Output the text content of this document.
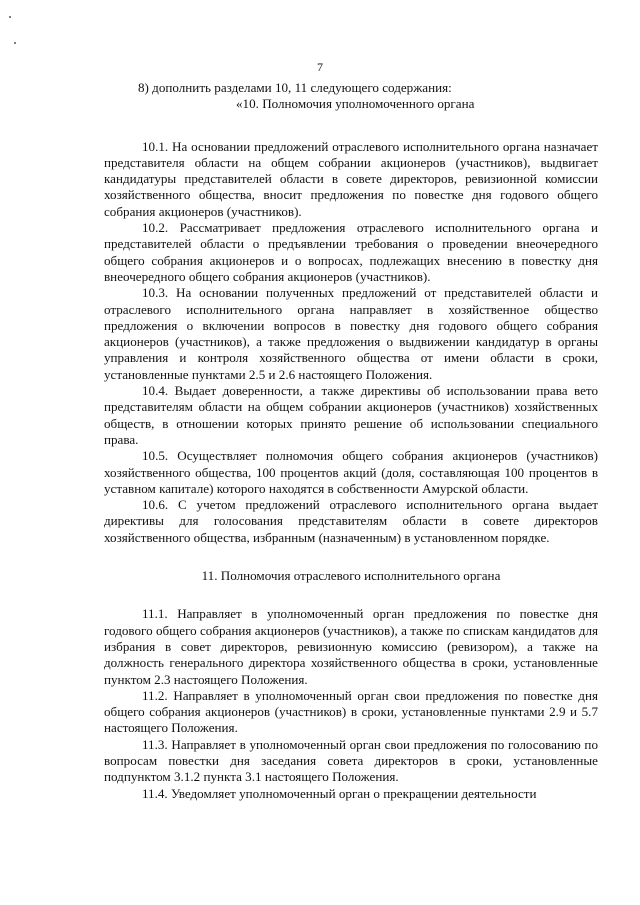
7

8) дополнить разделами 10, 11 следующего содержания:

«10. Полномочия уполномоченного органа

10.1. На основании предложений отраслевого исполнительного органа назначает представителя области на общем собрании акционеров (участников), выдвигает кандидатуры представителей области в совете директоров, ревизионной комиссии хозяйственного общества, вносит предложения по повестке дня годового общего собрания акционеров (участников).

10.2. Рассматривает предложения отраслевого исполнительного органа и представителей области о предъявлении требования о проведении внеочередного общего собрания акционеров и о вопросах, подлежащих внесению в повестку дня внеочередного общего собрания акционеров (участников).

10.3. На основании полученных предложений от представителей области и отраслевого исполнительного органа направляет в хозяйственное общество предложения о включении вопросов в повестку дня годового общего собрания акционеров (участников), а также предложения о выдвижении кандидатур в органы управления и контроля хозяйственного общества от имени области в сроки, установленные пунктами 2.5 и 2.6 настоящего Положения.

10.4. Выдает доверенности, а также директивы об использовании права вето представителям области на общем собрании акционеров (участников) хозяйственных обществ, в отношении которых принято решение об использовании специального права.

10.5. Осуществляет полномочия общего собрания акционеров (участников) хозяйственного общества, 100 процентов акций (доля, составляющая 100 процентов в уставном капитале) которого находятся в собственности Амурской области.

10.6. С учетом предложений отраслевого исполнительного органа выдает директивы для голосования представителям области в совете директоров хозяйственного общества, избранным (назначенным) в установленном порядке.

11. Полномочия отраслевого исполнительного органа

11.1. Направляет в уполномоченный орган предложения по повестке дня годового общего собрания акционеров (участников), а также по спискам кандидатов для избрания в совет директоров, ревизионную комиссию (ревизором), а также на должность генерального директора хозяйственного общества в сроки, установленные пунктом 2.3 настоящего Положения.

11.2. Направляет в уполномоченный орган свои предложения по повестке дня общего собрания акционеров (участников) в сроки, установленные пунктами 2.9 и 5.7 настоящего Положения.

11.3. Направляет в уполномоченный орган свои предложения по голосованию по вопросам повестки дня заседания совета директоров в сроки, установленные подпунктом 3.1.2 пункта 3.1 настоящего Положения.

11.4. Уведомляет уполномоченный орган о прекращении деятельности
